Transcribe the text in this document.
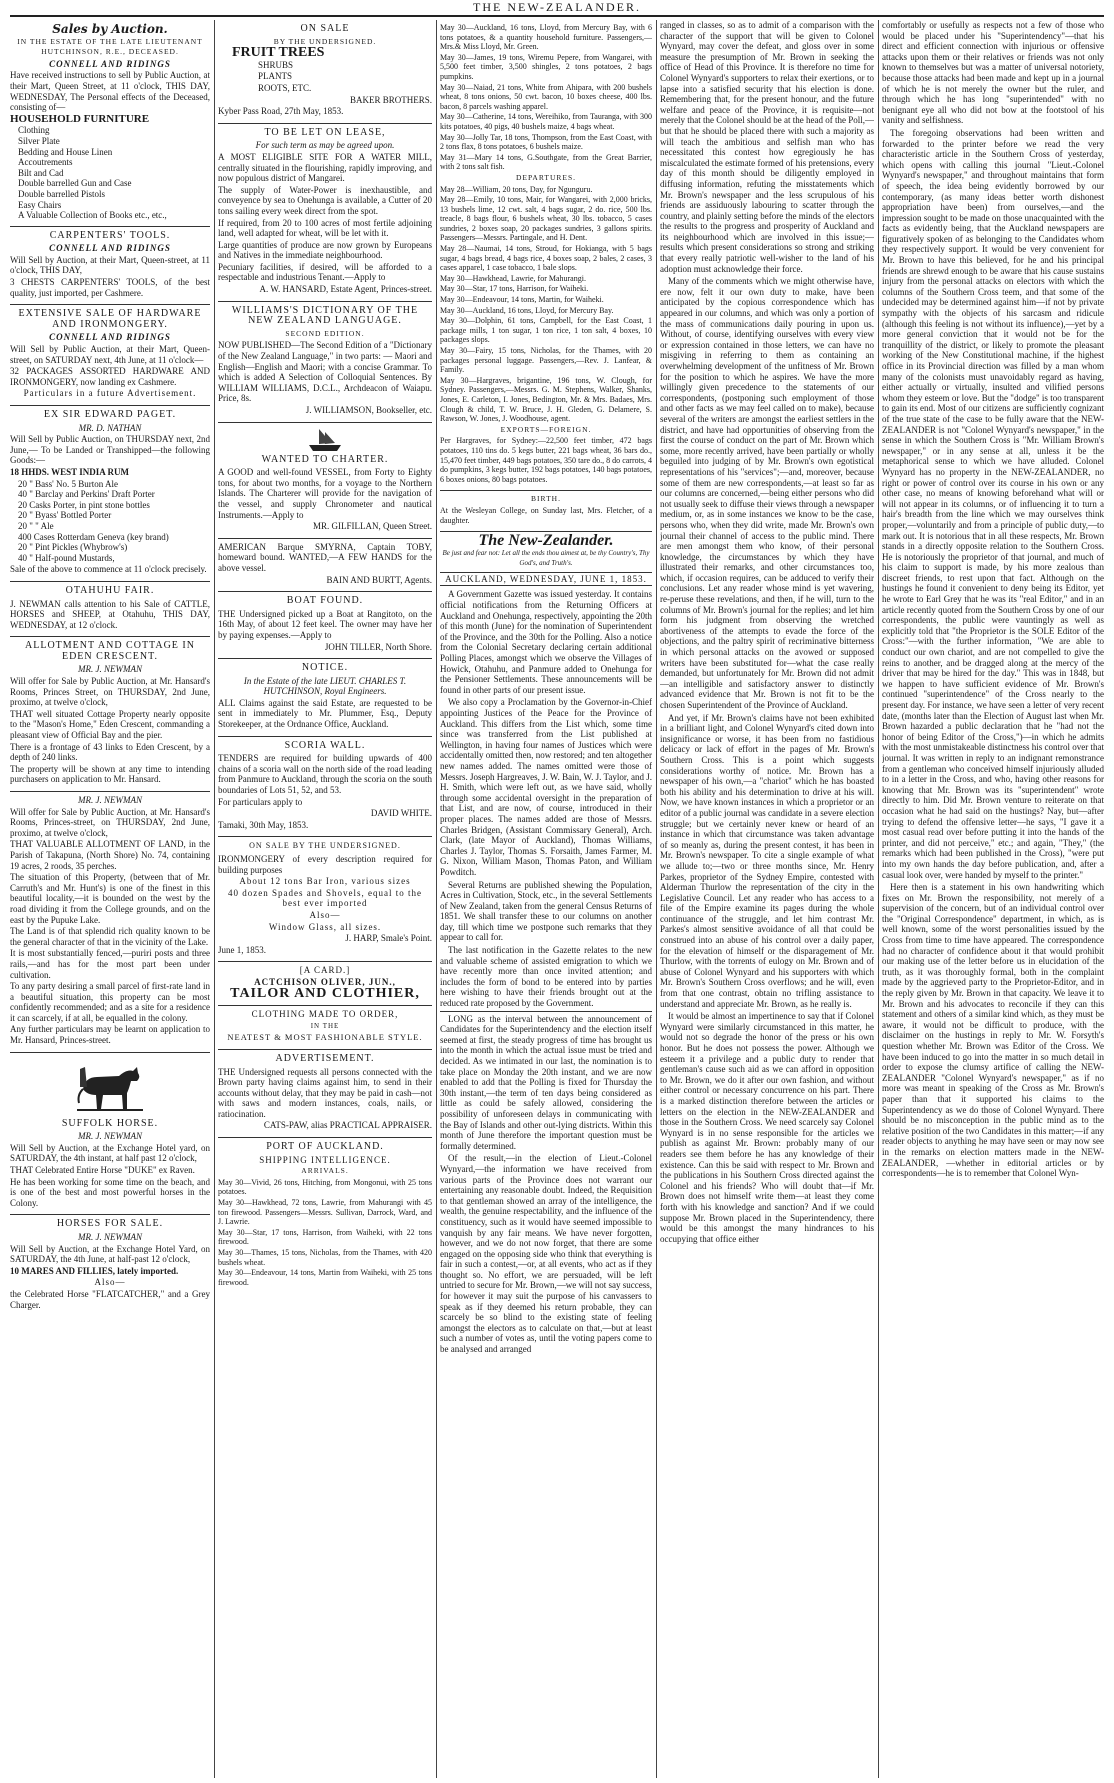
THE NEW-ZEALANDER.
Sales by Auction.

IN THE ESTATE OF THE LATE LIEUTENANT HUTCHINSON, R.E., DECEASED.

CONNELL AND RIDINGS

Have received instructions to sell by Public Auction, at their Mart, Queen Street, at 11 o'clock, THIS DAY, WEDNESDAY, The Personal effects of the Deceased, consisting of—

HOUSEHOLD FURNITURE

Clothing

Silver Plate

Bedding and House Linen

Accoutrements

Bilt and Cad

Double barrelled Gun and Case

Double barrelled Pistols

Easy Chairs

A Valuable Collection of Books etc., etc.,

CARPENTERS' TOOLS.

CONNELL AND RIDINGS

Will Sell by Auction, at their Mart, Queen-street, at 11 o'clock, THIS DAY,

3 CHESTS CARPENTERS' TOOLS, of the best quality, just imported, per Cashmere.

EXTENSIVE SALE OF HARDWARE AND IRONMONGERY.

CONNELL AND RIDINGS

Will Sell by Public Auction, at their Mart, Queen-street, on SATURDAY next, 4th June, at 11 o'clock—

32 PACKAGES ASSORTED HARDWARE AND IRONMONGERY, now landing ex Cashmere.

Particulars in a future Advertisement.

EX SIR EDWARD PAGET.

MR. D. NATHAN

Will Sell by Public Auction, on THURSDAY next, 2nd June,— To be Landed or Transhipped—the following Goods:—

18 HHDS. WEST INDIA RUM

20 " Bass' No. 5 Burton Ale

40 " Barclay and Perkins' Draft Porter

20 Casks Porter, in pint stone bottles

20 " Byass' Bottled Porter

20 " " Ale

400 Cases Rotterdam Geneva (key brand)

20 " Pint Pickles (Whybrow's)

40 " Half-pound Mustards,

Sale of the above to commence at 11 o'clock precisely.

OTAHUHU FAIR.

J. NEWMAN calls attention to his Sale of CATTLE, HORSES and SHEEP, at Otahuhu, THIS DAY, WEDNESDAY, at 12 o'clock.

ALLOTMENT AND COTTAGE IN EDEN CRESCENT.

MR. J. NEWMAN

Will offer for Sale by Public Auction, at Mr. Hansard's Rooms, Princes Street, on THURSDAY, 2nd June, proximo, at twelve o'clock,

THAT well situated Cottage Property nearly opposite to the "Mason's Home," Eden Crescent, commanding a pleasant view of Official Bay and the pier.

There is a frontage of 43 links to Eden Crescent, by a depth of 240 links.

The property will be shown at any time to intending purchasers on application to Mr. Hansard.

MR. J. NEWMAN

Will offer for Sale by Public Auction, at Mr. Hansard's Rooms, Princes-street, on THURSDAY, 2nd June, proximo, at twelve o'clock,

THAT VALUABLE ALLOTMENT OF LAND, in the Parish of Takapuna, (North Shore) No. 74, containing 19 acres, 2 roods, 35 perches.

The situation of this Property, (between that of Mr. Carruth's and Mr. Hunt's) is one of the finest in this beautiful locality,—it is bounded on the west by the road dividing it from the College grounds, and on the east by the Pupuke Lake.

The Land is of that splendid rich quality known to be the general character of that in the vicinity of the Lake.

It is most substantially fenced,—puriri posts and three rails,—and has for the most part been under cultivation.

To any party desiring a small parcel of first-rate land in a beautiful situation, this property can be most confidently recommended; and as a site for a residence it can scarcely, if at all, be equalled in the colony.

Any further particulars may be learnt on application to Mr. Hansard, Princes-street.

SUFFOLK HORSE.

MR. J. NEWMAN

Will Sell by Auction, at the Exchange Hotel yard, on SATURDAY, the 4th instant, at half past 12 o'clock,

THAT Celebrated Entire Horse "DUKE" ex Raven.

He has been working for some time on the beach, and is one of the best and most powerful horses in the Colony.

HORSES FOR SALE.

MR. J. NEWMAN

Will Sell by Auction, at the Exchange Hotel Yard, on SATURDAY, the 4th June, at half-past 12 o'clock,

10 MARES AND FILLIES, lately imported.

Also—

the Celebrated Horse "FLATCATCHER," and a Grey Charger.

ON SALE

BY THE UNDERSIGNED.

FRUIT TREES

SHRUBS

PLANTS

ROOTS, ETC.

BAKER BROTHERS.

Kyber Pass Road, 27th May, 1853.

TO BE LET ON LEASE,

For such term as may be agreed upon.

A MOST ELIGIBLE SITE FOR A WATER MILL, centrally situated in the flourishing, rapidly improving, and now populous district of Mangarei.

The supply of Water-Power is inexhaustible, and conveyence by sea to Onehunga is available, a Cutter of 20 tons sailing every week direct from the spot.

If required, from 20 to 100 acres of most fertile adjoining land, well adapted for wheat, will be let with it.

Large quantities of produce are now grown by Europeans and Natives in the immediate neighbourhood.

Pecuniary facilities, if desired, will be afforded to a respectable and industrious Tenant.—Apply to

A. W. HANSARD, Estate Agent, Princes-street.

WILLIAMS'S DICTIONARY OF THE NEW ZEALAND LANGUAGE.

SECOND EDITION.

NOW PUBLISHED—The Second Edition of a "Dictionary of the New Zealand Language," in two parts: — Maori and English—English and Maori; with a concise Grammar. To which is added A Selection of Colloquial Sentences. By WILLIAM WILLIAMS, D.C.L., Archdeacon of Waiapu. Price, 8s.

J. WILLIAMSON, Bookseller, etc.

WANTED TO CHARTER.

A GOOD and well-found VESSEL, from Forty to Eighty tons, for about two months, for a voyage to the Northern Islands. The Charterer will provide for the navigation of the vessel, and supply Chronometer and nautical Instruments.—Apply to

MR. GILFILLAN, Queen Street.

AMERICAN Barque SMYRNA, Captain TOBY, homeward bound. WANTED,—A FEW HANDS for the above vessel.

BAIN AND BURTT, Agents.

BOAT FOUND.

THE Undersigned picked up a Boat at Rangitoto, on the 16th May, of about 12 feet keel. The owner may have her by paying expenses.—Apply to

JOHN TILLER, North Shore.

NOTICE.

In the Estate of the late LIEUT. CHARLES T. HUTCHINSON, Royal Engineers.

ALL Claims against the said Estate, are requested to be sent in immediately to Mr. Plummer, Esq., Deputy Storekeeper, at the Ordnance Office, Auckland.

SCORIA WALL.

TENDERS are required for building upwards of 400 chains of a scoria wall on the north side of the road leading from Panmure to Auckland, through the scoria on the south boundaries of Lots 51, 52, and 53.

For particulars apply to

DAVID WHITE.

Tamaki, 30th May, 1853.

ON SALE BY THE UNDERSIGNED.

IRONMONGERY of every description required for building purposes

About 12 tons Bar Iron, various sizes

40 dozen Spades and Shovels, equal to the best ever imported

Also—

Window Glass, all sizes.

J. HARP, Smale's Point.

June 1, 1853.

[A CARD.]

ACTCHISON OLIVER, JUN.,

TAILOR AND CLOTHIER,

CLOTHING MADE TO ORDER,

IN THE

NEATEST & MOST FASHIONABLE STYLE.

ADVERTISEMENT.

THE Undersigned requests all persons connected with the Brown party having claims against him, to send in their accounts without delay, that they may be paid in cash—not with saws and modern instances, coals, nails, or ratiocination.

CATS-PAW, alias PRACTICAL APPRAISER.

PORT OF AUCKLAND.

SHIPPING INTELLIGENCE.

ARRIVALS.

May 30—Vivid, 26 tons, Hitching, from Mongonui, with 25 tons potatoes.

May 30—Hawkhead, 72 tons, Lawrie, from Mahurangi with 45 ton firewood. Passengers—Messrs. Sullivan, Darrock, Ward, and J. Lawrie.

May 30—Star, 17 tons, Harrison, from Waiheki, with 22 tons firewood.

May 30—Thames, 15 tons, Nicholas, from the Thames, with 420 bushels wheat.

May 30—Endeavour, 14 tons, Martin from Waiheki, with 25 tons firewood.

May 30—Auckland, 16 tons, Lloyd, from Mercury Bay, with 6 tons potatoes, & a quantity household furniture. Passengers,—Mrs.& Miss Lloyd, Mr. Green.

May 30—James, 19 tons, Wiremu Pepere, from Wangarei, with 5,500 feet timber, 3,500 shingles, 2 tons potatoes, 2 bags pumpkins.

May 30—Naiad, 21 tons, White from Ahipara, with 200 bushels wheat, 8 tons onions, 50 cwt. bacon, 10 boxes cheese, 400 lbs. bacon, 8 parcels washing apparel.

May 30—Catherine, 14 tons, Wereihiko, from Tauranga, with 300 kits potatoes, 40 pigs, 40 bushels maize, 4 bags wheat.

May 30—Jolly Tar, 18 tons, Thompson, from the East Coast, with 2 tons flax, 8 tons potatoes, 6 bushels maize.

May 31—Mary 14 tons, G.Southgate, from the Great Barrier, with 2 tons salt fish.

DEPARTURES.

May 28—William, 20 tons, Day, for Ngunguru.

May 28—Emily, 10 tons, Mair, for Wangarei, with 2,000 bricks, 13 bushels lime, 12 cwt. salt, 4 bags sugar, 2 do. rice, 500 lbs. treacle, 8 bags flour, 6 bushels wheat, 30 lbs. tobacco, 5 cases sundries, 2 boxes soap, 20 packages sundries, 3 gallons spirits. Passengers—Messrs. Partingale, and H. Dent.

May 28—Naumai, 14 tons, Stroud, for Hokianga, with 5 bags sugar, 4 bags bread, 4 bags rice, 4 boxes soap, 2 bales, 2 cases, 3 cases apparel, 1 case tobacco, 1 bale slops.

May 30—Hawkhead, Lawrie, for Mahurangi.

May 30—Star, 17 tons, Harrison, for Waiheki.

May 30—Endeavour, 14 tons, Martin, for Waiheki.

May 30—Auckland, 16 tons, Lloyd, for Mercury Bay.

May 30—Dolphin, 61 tons, Campbell, for the East Coast, 1 package mills, 1 ton sugar, 1 ton rice, 1 ton salt, 4 boxes, 10 packages slops.

May 30—Fairy, 15 tons, Nicholas, for the Thames, with 20 packages personal luggage. Passengers,—Rev. J. Lanfear, & Family.

May 30—Hargraves, brigantine, 196 tons, W. Clough, for Sydney. Passengers,—Messrs. G. M. Stephens, Walker, Shanks, Jones, E. Carleton, I. Jones, Bedington, Mr. & Mrs. Badaes, Mrs. Clough & child, T. W. Bruce, J. H. Gleden, G. Delamere, S. Rawson, W. Jones, J. Woodhouse, agent.

EXPORTS—FOREIGN.

Per Hargraves, for Sydney:—22,500 feet timber, 472 bags potatoes, 110 tins do. 5 kegs butter, 221 bags wheat, 36 bars do., 15,470 feet timber, 449 bags potatoes, 350 tare do., 8 do carrots, 4 do pumpkins, 3 kegs butter, 192 bags potatoes, 140 bags potatoes, 6 boxes onions, 80 bags potatoes.

BIRTH.

At the Wesleyan College, on Sunday last, Mrs. Fletcher, of a daughter.

The New-Zealander.

Be just and fear not: Let all the ends thou aimest at, be thy Country's, Thy God's, and Truth's.

AUCKLAND, WEDNESDAY, JUNE 1, 1853.

A Government Gazette was issued yesterday. It contains official notifications from the Returning Officers at Auckland and Onehunga, respectively, appointing the 20th of this month (June) for the nomination of Superintendent of the Province, and the 30th for the Polling. Also a notice from the Colonial Secretary declaring certain additional Polling Places, amongst which we observe the Villages of Howick, Otahuhu, and Panmure added to Onehunga for the Pensioner Settlements. These announcements will be found in other parts of our present issue.

We also copy a Proclamation by the Governor-in-Chief appointing Justices of the Peace for the Province of Auckland. This differs from the List which, some time since was transferred from the List published at Wellington, in having four names of Justices which were accidentally omitted then, now restored; and ten altogether new names added. The names omitted were those of Messrs. Joseph Hargreaves, J. W. Bain, W. J. Taylor, and J. H. Smith, which were left out, as we have said, wholly through some accidental oversight in the preparation of that List, and are now, of course, introduced in their proper places. The names added are those of Messrs. Charles Bridgen, (Assistant Commissary General), Arch. Clark, (late Mayor of Auckland), Thomas Williams, Charles J. Taylor, Thomas S. Forsaith, James Farmer, M. G. Nixon, William Mason, Thomas Paton, and William Powditch.

Several Returns are published shewing the Population, Acres in Cultivation, Stock, etc., in the several Settlements of New Zealand, taken from the general Census Returns of 1851. We shall transfer these to our columns on another day, till which time we postpone such remarks that they appear to call for.

The last notification in the Gazette relates to the new and valuable scheme of assisted emigration to which we have recently more than once invited attention; and includes the form of bond to be entered into by parties here wishing to have their friends brought out at the reduced rate proposed by the Government.

LONG as the interval between the announcement of Candidates for the Superintendency and the election itself seemed at first, the steady progress of time has brought us into the month in which the actual issue must be tried and decided. As we intimated in our last, the nomination is to take place on Monday the 20th instant, and we are now enabled to add that the Polling is fixed for Thursday the 30th instant,—the term of ten days being considered as little as could be safely allowed, considering the possibility of unforeseen delays in communicating with the Bay of Islands and other out-lying districts. Within this month of June therefore the important question must be formally determined.

Of the result,—in the election of Lieut.-Colonel Wynyard,—the information we have received from various parts of the Province does not warrant our entertaining any reasonable doubt. Indeed, the Requisition to that gentleman showed an array of the intelligence, the wealth, the genuine respectability, and the influence of the constituency, such as it would have seemed impossible to vanquish by any fair means. We have never forgotten, however, and we do not now forget, that there are some engaged on the opposing side who think that everything is fair in such a contest,—or, at all events, who act as if they thought so. No effort, we are persuaded, will be left untried to secure for Mr. Brown,—we will not say success, for however it may suit the purpose of his canvassers to speak as if they deemed his return probable, they can scarcely be so blind to the existing state of feeling amongst the electors as to calculate on that,—but at least such a number of votes as, until the voting papers come to be analysed and arranged

ranged in classes, so as to admit of a comparison with the character of the support that will be given to Colonel Wynyard, may cover the defeat, and gloss over in some measure the presumption of Mr. Brown in seeking the office of Head of this Province. It is therefore no time for Colonel Wynyard's supporters to relax their exertions, or to lapse into a satisfied security that his election is done. Remembering that, for the present honour, and the future welfare and peace of the Province, it is requisite—not merely that the Colonel should be at the head of the Poll,—but that he should be placed there with such a majority as will teach the ambitious and selfish man who has necessitated this contest how egregiously he has miscalculated the estimate formed of his pretensions, every day of this month should be diligently employed in diffusing information, refuting the misstatements which Mr. Brown's newspaper and the less scrupulous of his friends are assiduously labouring to scatter through the country, and plainly setting before the minds of the electors the results to the progress and prosperity of Auckland and its neighbourhood which are involved in this issue;—results which present considerations so strong and striking that every really patriotic well-wisher to the land of his adoption must acknowledge their force.

Many of the comments which we might otherwise have, ere now, felt it our own duty to make, have been anticipated by the copious correspondence which has appeared in our columns, and which was only a portion of the mass of communications daily pouring in upon us. Without, of course, identifying ourselves with every view or expression contained in those letters, we can have no misgiving in referring to them as containing an overwhelming development of the unfitness of Mr. Brown for the position to which he aspires. We have the more willingly given precedence to the statements of our correspondents, (postponing such employment of those and other facts as we may feel called on to make), because several of the writers are amongst the earliest settlers in the district, and have had opportunities of observing from the first the course of conduct on the part of Mr. Brown which some, more recently arrived, have been partially or wholly beguiled into judging of by Mr. Brown's own egotistical representations of his "services";—and, moreover, because some of them are new correspondents,—at least so far as our columns are concerned,—being either persons who did not usually seek to diffuse their views through a newspaper medium, or, as in some instances we know to be the case, persons who, when they did write, made Mr. Brown's own journal their channel of access to the public mind. There are men amongst them who know, of their personal knowledge, the circumstances by which they have illustrated their remarks, and other circumstances too, which, if occasion requires, can be adduced to verify their conclusions. Let any reader whose mind is yet wavering, re-peruse these revelations, and then, if he will, turn to the columns of Mr. Brown's journal for the replies; and let him form his judgment from observing the wretched abortiveness of the attempts to evade the force of the objections, and the paltry spirit of recriminative bitterness in which personal attacks on the avowed or supposed writers have been substituted for—what the case really demanded, but unfortunately for Mr. Brown did not admit—an intelligible and satisfactory answer to distinctly advanced evidence that Mr. Brown is not fit to be the chosen Superintendent of the Province of Auckland.

And yet, if Mr. Brown's claims have not been exhibited in a brilliant light, and Colonel Wynyard's cited down into insignificance or worse, it has been from no fastidious delicacy or lack of effort in the pages of Mr. Brown's Southern Cross. This is a point which suggests considerations worthy of notice. Mr. Brown has a newspaper of his own,—a "chariot" which he has boasted both his ability and his determination to drive at his will. Now, we have known instances in which a proprietor or an editor of a public journal was candidate in a severe election struggle; but we certainly never knew or heard of an instance in which that circumstance was taken advantage of so meanly as, during the present contest, it has been in Mr. Brown's newspaper. To cite a single example of what we allude to;—two or three months since, Mr. Henry Parkes, proprietor of the Sydney Empire, contested with Alderman Thurlow the representation of the city in the Legislative Council. Let any reader who has access to a file of the Empire examine its pages during the whole continuance of the struggle, and let him contrast Mr. Parkes's almost sensitive avoidance of all that could be construed into an abuse of his control over a daily paper, for the elevation of himself or the disparagement of Mr. Thurlow, with the torrents of eulogy on Mr. Brown and of abuse of Colonel Wynyard and his supporters with which Mr. Brown's Southern Cross overflows; and he will, even from that one contrast, obtain no trifling assistance to understand and appreciate Mr. Brown, as he really is.

It would be almost an impertinence to say that if Colonel Wynyard were similarly circumstanced in this matter, he would not so degrade the honor of the press or his own honor. But he does not possess the power. Although we esteem it a privilege and a public duty to render that gentleman's cause such aid as we can afford in opposition to Mr. Brown, we do it after our own fashion, and without either control or necessary concurrence on his part. There is a marked distinction therefore between the articles or letters on the election in the NEW-ZEALANDER and those in the Southern Cross. We need scarcely say Colonel Wynyard is in no sense responsible for the articles we publish as against Mr. Brown: probably many of our readers see them before he has any knowledge of their existence. Can this be said with respect to Mr. Brown and the publications in his Southern Cross directed against the Colonel and his friends? Who will doubt that—if Mr. Brown does not himself write them—at least they come forth with his knowledge and sanction? And if we could suppose Mr. Brown placed in the Superintendency, there would be this amongst the many hindrances to his occupying that office either

comfortably or usefully as respects not a few of those who would be placed under his "Superintendency"—that his direct and efficient connection with injurious or offensive attacks upon them or their relatives or friends was not only known to themselves but was a matter of universal notoriety, because those attacks had been made and kept up in a journal of which he is not merely the owner but the ruler, and through which he has long "superintended" with no benignant eye all who did not bow at the footstool of his vanity and selfishness.

The foregoing observations had been written and forwarded to the printer before we read the very characteristic article in the Southern Cross of yesterday, which opens with calling this journal "Lieut.-Colonel Wynyard's newspaper," and throughout maintains that form of speech, the idea being evidently borrowed by our contemporary, (as many ideas better worth dishonest appropriation have been) from ourselves,—and the impression sought to be made on those unacquainted with the facts as evidently being, that the Auckland newspapers are figuratively spoken of as belonging to the Candidates whom they respectively support. It would be very convenient for Mr. Brown to have this believed, for he and his principal friends are shrewd enough to be aware that his cause sustains injury from the personal attacks on electors with which the columns of the Southern Cross teem, and that some of the undecided may be determined against him—if not by private sympathy with the objects of his sarcasm and ridicule (although this feeling is not without its influence),—yet by a more general conviction that it would not be for the tranquillity of the district, or likely to promote the pleasant working of the New Constitutional machine, if the highest office in its Provincial direction was filled by a man whom many of the colonists must unavoidably regard as having, either actually or virtually, insulted and vilified persons whom they esteem or love. But the "dodge" is too transparent to gain its end. Most of our citizens are sufficiently cognizant of the true state of the case to be fully aware that the NEW-ZEALANDER is not "Colonel Wynyard's newspaper," in the sense in which the Southern Cross is "Mr. William Brown's newspaper," or in any sense at all, unless it be the metaphorical sense to which we have alluded. Colonel Wynyard has no property in the NEW-ZEALANDER, no right or power of control over its course in his own or any other case, no means of knowing beforehand what will or will not appear in its columns, or of influencing it to turn a hair's breadth from the line which we may ourselves think proper,—voluntarily and from a principle of public duty,—to mark out. It is notorious that in all these respects, Mr. Brown stands in a directly opposite relation to the Southern Cross. He is notoriously the proprietor of that journal, and much of his claim to support is made, by his more zealous than discreet friends, to rest upon that fact. Although on the hustings he found it convenient to deny being its Editor, yet he wrote to Earl Grey that he was its "real Editor," and in an article recently quoted from the Southern Cross by one of our correspondents, the public were vauntingly as well as explicitly told that "the Proprietor is the SOLE Editor of the Cross:"—with the further information, "We are able to conduct our own chariot, and are not compelled to give the reins to another, and be dragged along at the mercy of the driver that may be hired for the day." This was in 1848, but we happen to have sufficient evidence of Mr. Brown's continued "superintendence" of the Cross nearly to the present day. For instance, we have seen a letter of very recent date, (months later than the Election of August last when Mr. Brown hazarded a public declaration that he "had not the honor of being Editor of the Cross,")—in which he admits with the most unmistakeable distinctness his control over that journal. It was written in reply to an indignant remonstrance from a gentleman who conceived himself injuriously alluded to in a letter in the Cross, and who, having other reasons for knowing that Mr. Brown was its "superintendent" wrote directly to him. Did Mr. Brown venture to reiterate on that occasion what he had said on the hustings? Nay, but—after trying to defend the offensive letter—he says, "I gave it a most casual read over before putting it into the hands of the printer, and did not perceive," etc.; and again, "They," (the remarks which had been published in the Cross), "were put into my own hands the day before publication, and, after a casual look over, were handed by myself to the printer."

Here then is a statement in his own handwriting which fixes on Mr. Brown the responsibility, not merely of a supervision of the concern, but of an individual control over the "Original Correspondence" department, in which, as is well known, some of the worst personalities issued by the Cross from time to time have appeared. The correspondence had no character of confidence about it that would prohibit our making use of the letter before us in elucidation of the truth, as it was thoroughly formal, both in the complaint made by the aggrieved party to the Proprietor-Editor, and in the reply given by Mr. Brown in that capacity. We leave it to Mr. Brown and his advocates to reconcile if they can this statement and others of a similar kind which, as they must be aware, it would not be difficult to produce, with the disclaimer on the hustings in reply to Mr. W. Forsyth's question whether Mr. Brown was Editor of the Cross. We have been induced to go into the matter in so much detail in order to expose the clumsy artifice of calling the NEW-ZEALANDER "Colonel Wynyard's newspaper," as if no more was meant in speaking of the Cross as Mr. Brown's paper than that it supported his claims to the Superintendency as we do those of Colonel Wynyard. There should be no misconception in the public mind as to the relative position of the two Candidates in this matter;—if any reader objects to anything he may have seen or may now see in the remarks on election matters made in the NEW-ZEALANDER, —whether in editorial articles or by correspondents—he is to remember that Colonel Wyn-
